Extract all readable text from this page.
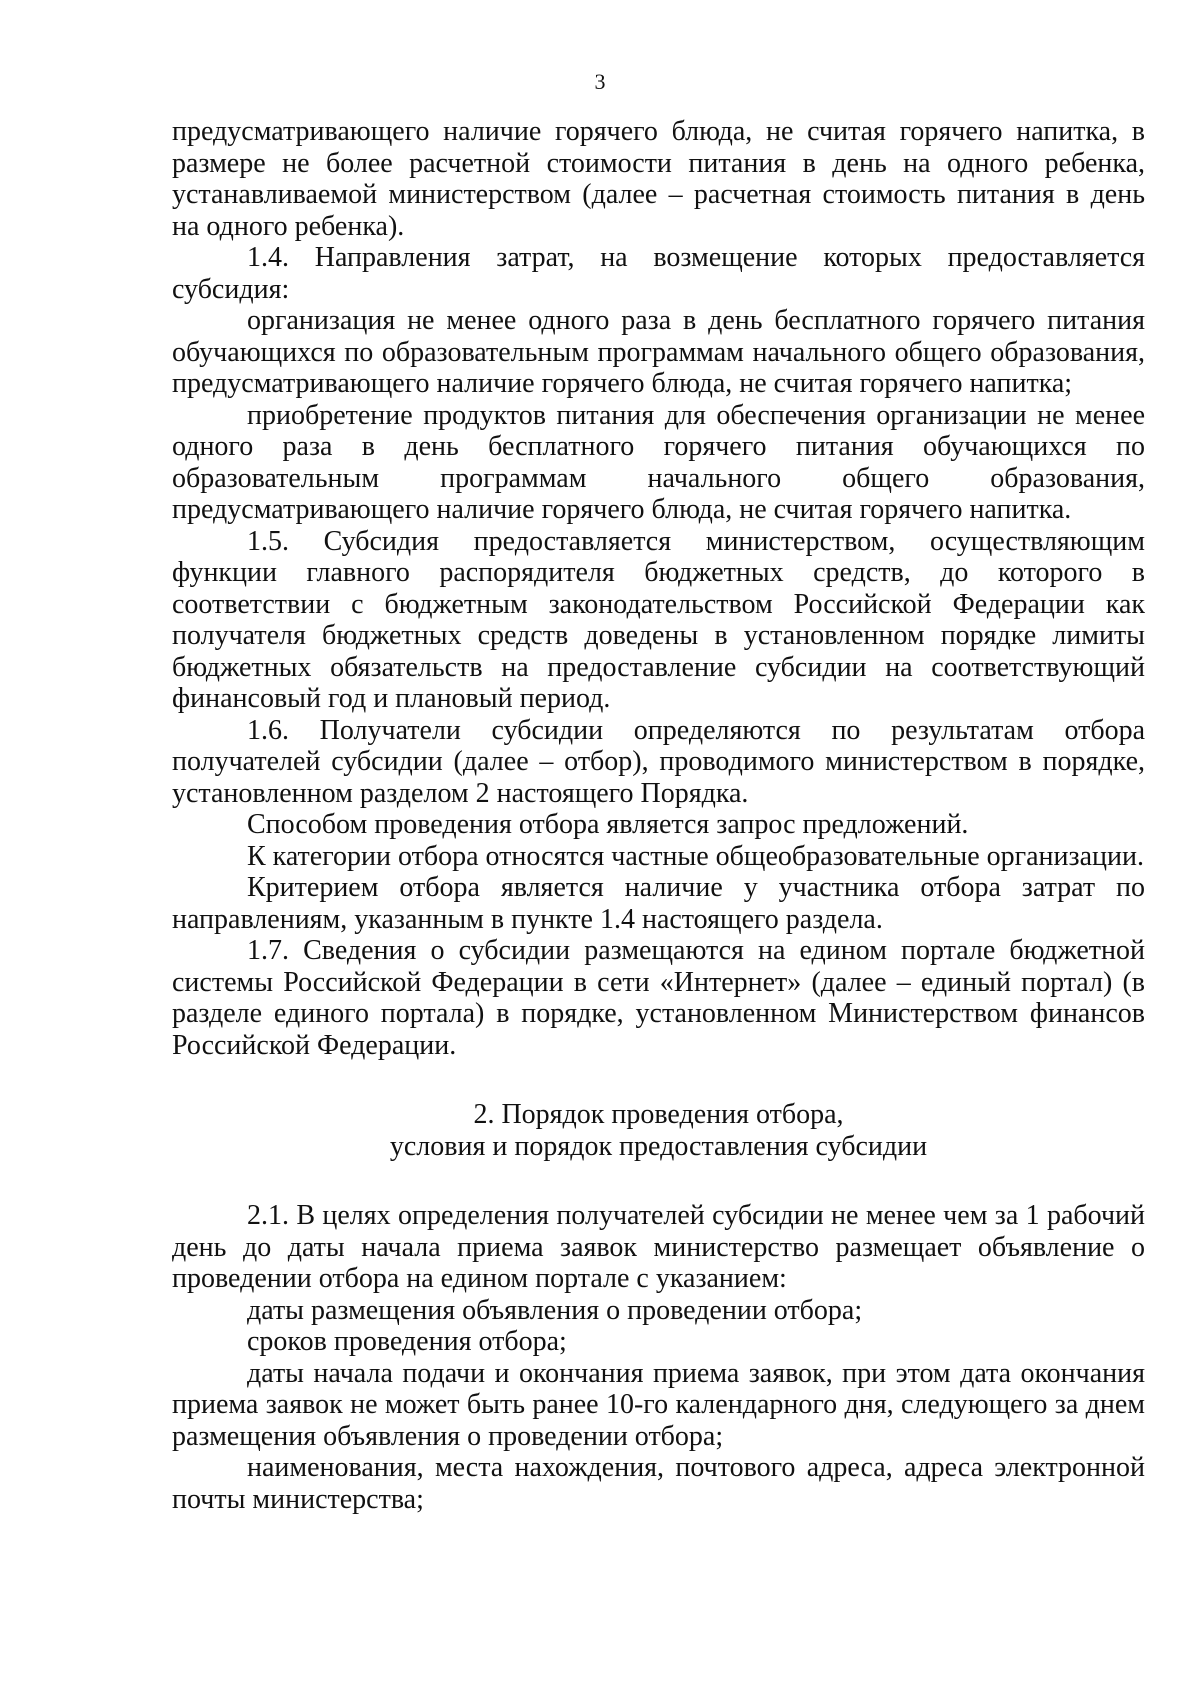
3

предусматривающего наличие горячего блюда, не считая горячего напитка, в размере не более расчетной стоимости питания в день на одного ребенка, устанавливаемой министерством (далее – расчетная стоимость питания в день на одного ребенка).

1.4. Направления затрат, на возмещение которых предоставляется субсидия:

организация не менее одного раза в день бесплатного горячего питания обучающихся по образовательным программам начального общего образования, предусматривающего наличие горячего блюда, не считая горячего напитка;

приобретение продуктов питания для обеспечения организации не менее одного раза в день бесплатного горячего питания обучающихся по образовательным программам начального общего образования, предусматривающего наличие горячего блюда, не считая горячего напитка.

1.5. Субсидия предоставляется министерством, осуществляющим функции главного распорядителя бюджетных средств, до которого в соответствии с бюджетным законодательством Российской Федерации как получателя бюджетных средств доведены в установленном порядке лимиты бюджетных обязательств на предоставление субсидии на соответствующий финансовый год и плановый период.

1.6. Получатели субсидии определяются по результатам отбора получателей субсидии (далее – отбор), проводимого министерством в порядке, установленном разделом 2 настоящего Порядка.

Способом проведения отбора является запрос предложений.

К категории отбора относятся частные общеобразовательные организации.

Критерием отбора является наличие у участника отбора затрат по направлениям, указанным в пункте 1.4 настоящего раздела.

1.7. Сведения о субсидии размещаются на едином портале бюджетной системы Российской Федерации в сети «Интернет» (далее – единый портал) (в разделе единого портала) в порядке, установленном Министерством финансов Российской Федерации.

2. Порядок проведения отбора,
условия и порядок предоставления субсидии

2.1. В целях определения получателей субсидии не менее чем за 1 рабочий день до даты начала приема заявок министерство размещает объявление о проведении отбора на едином портале с указанием:

даты размещения объявления о проведении отбора;

сроков проведения отбора;

даты начала подачи и окончания приема заявок, при этом дата окончания приема заявок не может быть ранее 10-го календарного дня, следующего за днем размещения объявления о проведении отбора;

наименования, места нахождения, почтового адреса, адреса электронной почты министерства;
